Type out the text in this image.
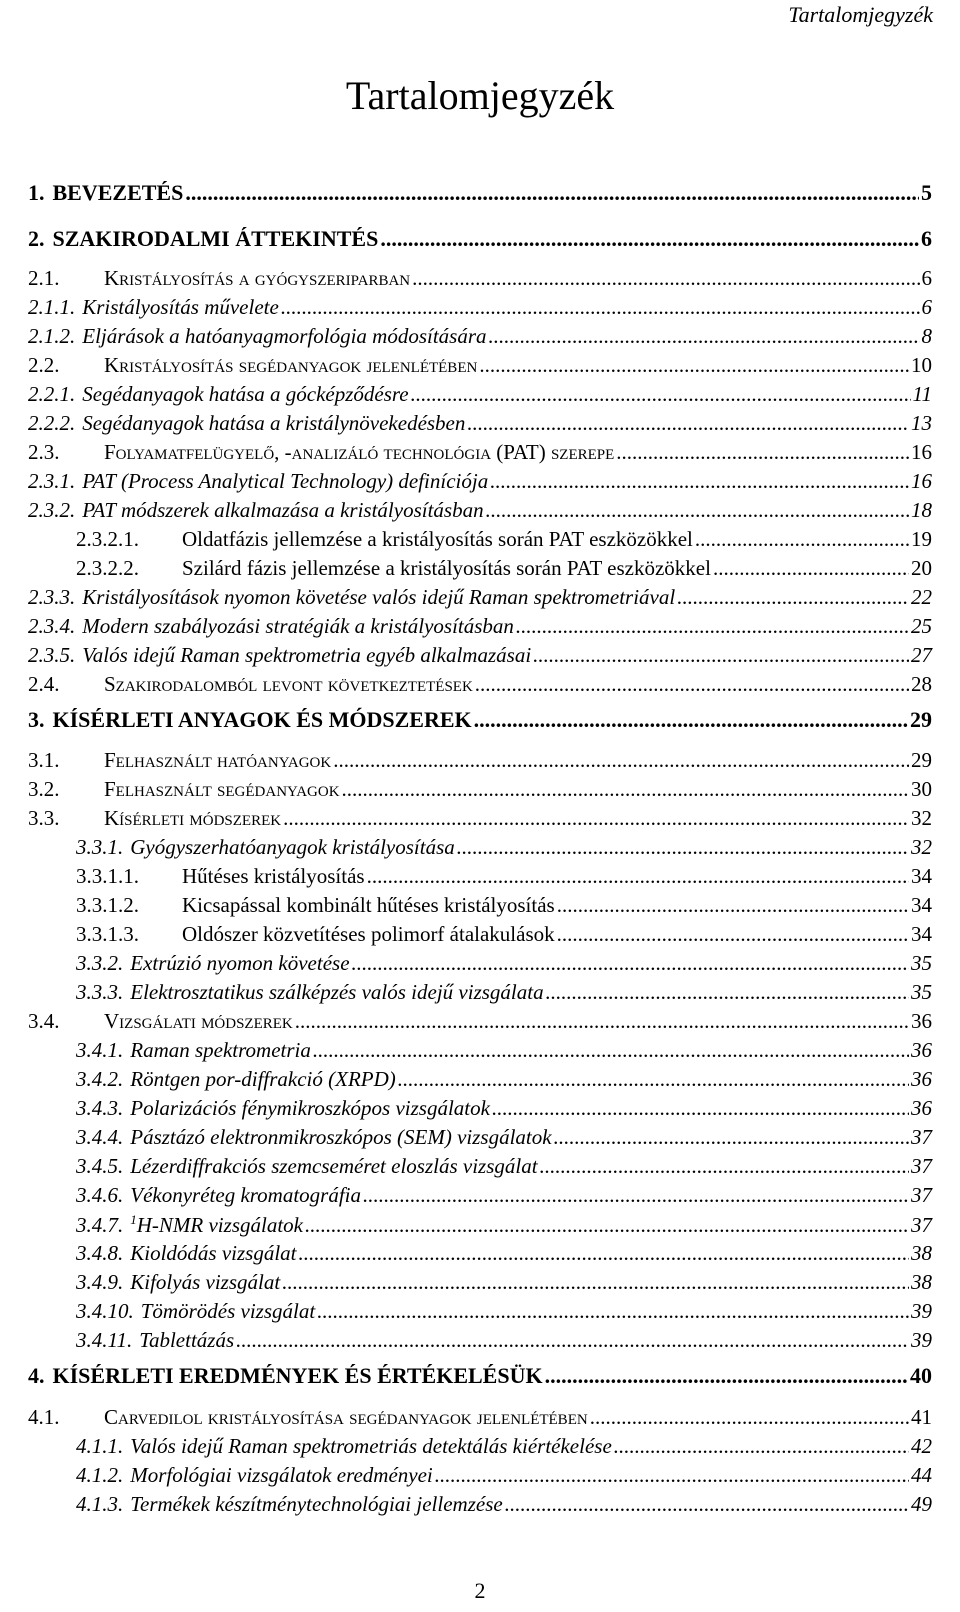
Tartalomjegyzék
Tartalomjegyzék
1. BEVEZETÉS .....	5
2. SZAKIRODALMI ÁTTEKINTÉS .....	6
2.1.	Kristályosítás a gyógyszeriparban .....	6
2.1.1. Kristályosítás művelete .....	6
2.1.2. Eljárások a hatóanyagmorfológia módosítására .....	8
2.2.	Kristályosítás segédanyagok jelenlétében .....	10
2.2.1. Segédanyagok hatása a gócképződésre .....	11
2.2.2. Segédanyagok hatása a kristálynövekedésben .....	13
2.3.	Folyamatfelügyelő, -analizáló technológia (PAT) szerepe .....	16
2.3.1. PAT (Process Analytical Technology) definíciója .....	16
2.3.2. PAT módszerek alkalmazása a kristályosításban .....	18
2.3.2.1.	Oldatfázis jellemzése a kristályosítás során PAT eszközökkel .....	19
2.3.2.2.	Szilárd fázis jellemzése a kristályosítás során PAT eszközökkel .....	20
2.3.3. Kristályosítások nyomon követése valós idejű Raman spektrometriával .....	22
2.3.4. Modern szabályozási stratégiák a kristályosításban .....	25
2.3.5. Valós idejű Raman spektrometria egyéb alkalmazásai .....	27
2.4.	Szakirodalomból levont következtetések .....	28
3. KÍSÉRLETI ANYAGOK ÉS MÓDSZEREK .....	29
3.1.	Felhasznált hatóanyagok .....	29
3.2.	Felhasznált segédanyagok .....	30
3.3.	Kísérleti módszerek .....	32
3.3.1. Gyógyszerhatóanyagok kristályosítása .....	32
3.3.1.1.	Hűtéses kristályosítás .....	34
3.3.1.2.	Kicsapással kombinált hűtéses kristályosítás .....	34
3.3.1.3.	Oldószer közvetítéses polimorf átalakulások .....	34
3.3.2. Extrúzió nyomon követése .....	35
3.3.3. Elektrosztatikus szálképzés valós idejű vizsgálata .....	35
3.4.	Vizsgálati módszerek .....	36
3.4.1. Raman spektrometria .....	36
3.4.2. Röntgen por-diffrakció (XRPD) .....	36
3.4.3. Polarizációs fénymikroszkópos vizsgálatok .....	36
3.4.4. Pásztázó elektronmikroszkópos (SEM) vizsgálatok .....	37
3.4.5. Lézerdiffrakciós szemcseméret eloszlás vizsgálat .....	37
3.4.6. Vékonyréteg kromatográfia .....	37
3.4.7. $^1$H-NMR vizsgálatok .....	37
3.4.8. Kioldódás vizsgálat .....	38
3.4.9. Kifolyás vizsgálat .....	38
3.4.10. Tömörödés vizsgálat .....	39
3.4.11. Tablettázás .....	39
4. KÍSÉRLETI EREDMÉNYEK ÉS ÉRTÉKELÉSÜK .....	40
4.1.	Carvedilol kristályosítása segédanyagok jelenlétében .....	41
4.1.1. Valós idejű Raman spektrometriás detektálás kiértékelése .....	42
4.1.2. Morfológiai vizsgálatok eredményei .....	44
4.1.3. Termékek készítménytechnológiai jellemzése .....	49
2
